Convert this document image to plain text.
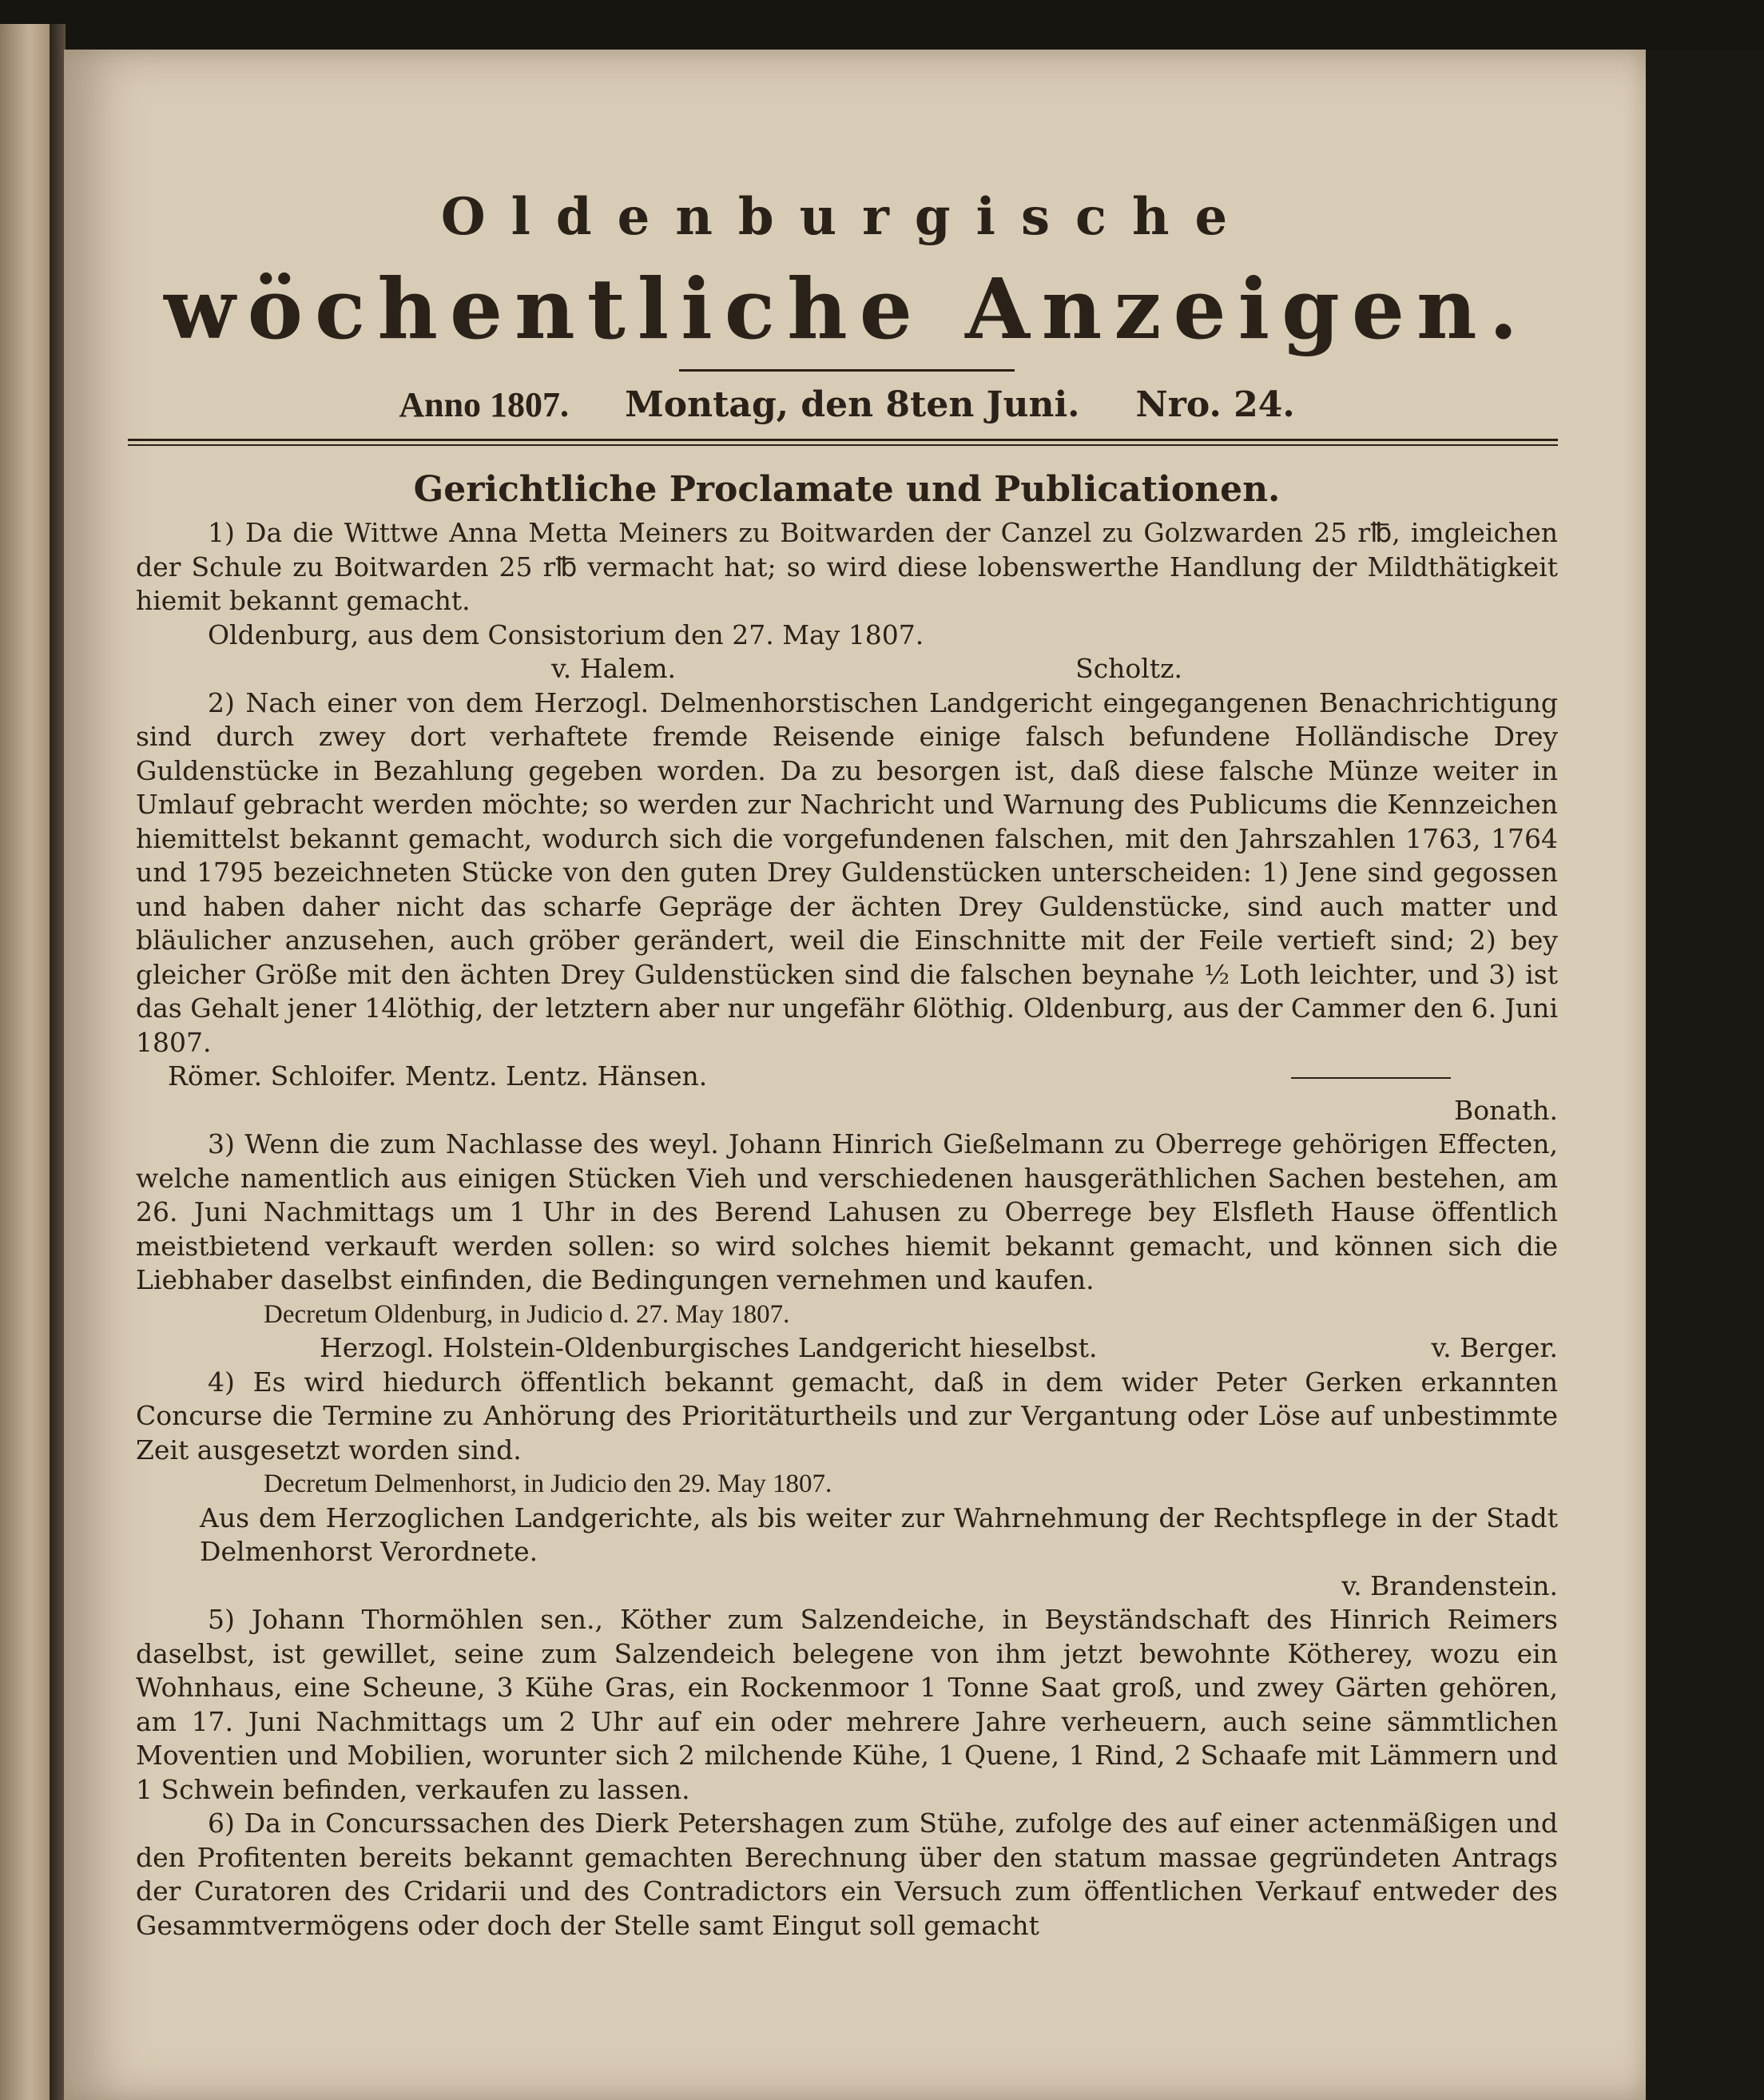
Oldenburgische
wöchentliche Anzeigen.
Anno 1807. Montag, den 8ten Juni. Nro. 24.
Gerichtliche Proclamate und Publicationen.

1) Da die Wittwe Anna Metta Meiners zu Boitwarden der Canzel zu Golzwarden 25 r℔, imgleichen der Schule zu Boitwarden 25 r℔ vermacht hat; so wird diese lobenswerthe Handlung der Mildthätigkeit hiemit bekannt gemacht.

Oldenburg, aus dem Consistorium den 27. May 1807.

v. Halem.	Scholtz.

2) Nach einer von dem Herzogl. Delmenhorstischen Landgericht eingegangenen Benachrichtigung sind durch zwey dort verhaftete fremde Reisende einige falsch befundene Holländische Drey Guldenstücke in Bezahlung gegeben worden. Da zu besorgen ist, daß diese falsche Münze weiter in Umlauf gebracht werden möchte; so werden zur Nachricht und Warnung des Publicums die Kennzeichen hiemittelst bekannt gemacht, wodurch sich die vorgefundenen falschen, mit den Jahrszahlen 1763, 1764 und 1795 bezeichneten Stücke von den guten Drey Guldenstücken unterscheiden: 1) Jene sind gegossen und haben daher nicht das scharfe Gepräge der ächten Drey Guldenstücke, sind auch matter und bläulicher anzusehen, auch gröber gerändert, weil die Einschnitte mit der Feile vertieft sind; 2) bey gleicher Größe mit den ächten Drey Guldenstücken sind die falschen beynahe ½ Loth leichter, und 3) ist das Gehalt jener 14löthig, der letztern aber nur ungefähr 6löthig. Oldenburg, aus der Cammer den 6. Juni 1807.

Römer. Schloifer. Mentz. Lentz. Hänsen.
Bonath.

3) Wenn die zum Nachlasse des weyl. Johann Hinrich Gießelmann zu Oberrege gehörigen Effecten, welche namentlich aus einigen Stücken Vieh und verschiedenen hausgeräthlichen Sachen bestehen, am 26. Juni Nachmittags um 1 Uhr in des Berend Lahusen zu Oberrege bey Elsfleth Hause öffentlich meistbietend verkauft werden sollen: so wird solches hiemit bekannt gemacht, und können sich die Liebhaber daselbst einfinden, die Bedingungen vernehmen und kaufen.

Decretum Oldenburg, in Judicio d. 27. May 1807.
Herzogl. Holstein-Oldenburgisches Landgericht hieselbst.	v. Berger.

4) Es wird hiedurch öffentlich bekannt gemacht, daß in dem wider Peter Gerken erkannten Concurse die Termine zu Anhörung des Prioritäturtheils und zur Vergantung oder Löse auf unbestimmte Zeit ausgesetzt worden sind.

Decretum Delmenhorst, in Judicio den 29. May 1807.

Aus dem Herzoglichen Landgerichte, als bis weiter zur Wahrnehmung der Rechtspflege in der Stadt Delmenhorst Verordnete.

v. Brandenstein.

5) Johann Thormöhlen sen., Köther zum Salzendeiche, in Beyständschaft des Hinrich Reimers daselbst, ist gewillet, seine zum Salzendeich belegene von ihm jetzt bewohnte Kötherey, wozu ein Wohnhaus, eine Scheune, 3 Kühe Gras, ein Rockenmoor 1 Tonne Saat groß, und zwey Gärten gehören, am 17. Juni Nachmittags um 2 Uhr auf ein oder mehrere Jahre verheuern, auch seine sämmtlichen Moventien und Mobilien, worunter sich 2 milchende Kühe, 1 Quene, 1 Rind, 2 Schaafe mit Lämmern und 1 Schwein befinden, verkaufen zu lassen.

6) Da in Concurssachen des Dierk Petershagen zum Stühe, zufolge des auf einer actenmäßigen und den Profitenten bereits bekannt gemachten Berechnung über den statum massae gegründeten Antrags der Curatoren des Cridarii und des Contradictors ein Versuch zum öffentlichen Verkauf entweder des Gesammtvermögens oder doch der Stelle samt Eingut soll gemacht
